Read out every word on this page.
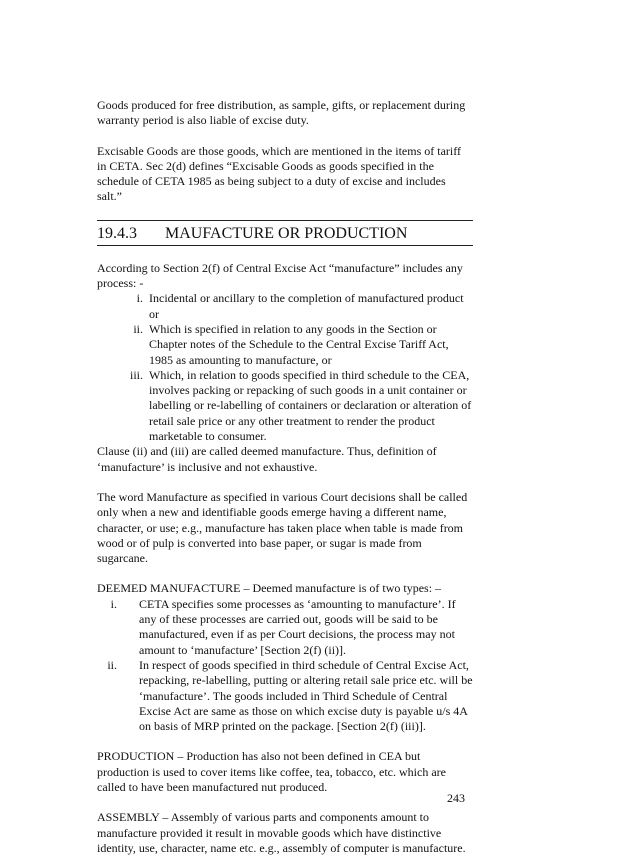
Goods produced for free distribution, as sample, gifts, or replacement during warranty period is also liable of excise duty.

Excisable Goods are those goods, which are mentioned in the items of tariff in CETA. Sec 2(d) defines “Excisable Goods as goods specified in the schedule of CETA 1985 as being subject to a duty of excise and includes salt.”

19.4.3	MAUFACTURE OR PRODUCTION

According to Section 2(f) of Central Excise Act “manufacture” includes any process: -

i. Incidental or ancillary to the completion of manufactured product or
ii. Which is specified in relation to any goods in the Section or Chapter notes of the Schedule to the Central Excise Tariff Act, 1985 as amounting to manufacture, or
iii. Which, in relation to goods specified in third schedule to the CEA, involves packing or repacking of such goods in a unit container or labelling or re-labelling of containers or declaration or alteration of retail sale price or any other treatment to render the product marketable to consumer.

Clause (ii) and (iii) are called deemed manufacture. Thus, definition of ‘manufacture’ is inclusive and not exhaustive.

The word Manufacture as specified in various Court decisions shall be called only when a new and identifiable goods emerge having a different name, character, or use; e.g., manufacture has taken place when table is made from wood or of pulp is converted into base paper, or sugar is made from sugarcane.

DEEMED MANUFACTURE – Deemed manufacture is of two types: –

i.	CETA specifies some processes as ‘amounting to manufacture’. If any of these processes are carried out, goods will be said to be manufactured, even if as per Court decisions, the process may not amount to ‘manufacture’ [Section 2(f) (ii)].
ii.	In respect of goods specified in third schedule of Central Excise Act, repacking, re-labelling, putting or altering retail sale price etc. will be ‘manufacture’. The goods included in Third Schedule of Central Excise Act are same as those on which excise duty is payable u/s 4A on basis of MRP printed on the package. [Section 2(f) (iii)].

PRODUCTION – Production has also not been defined in CEA but production is used to cover items like coffee, tea, tobacco, etc. which are called to have been manufactured nut produced.

ASSEMBLY – Assembly of various parts and components amount to manufacture provided it result in movable goods which have distinctive identity, use, character, name etc. e.g., assembly of computer is manufacture.

243
